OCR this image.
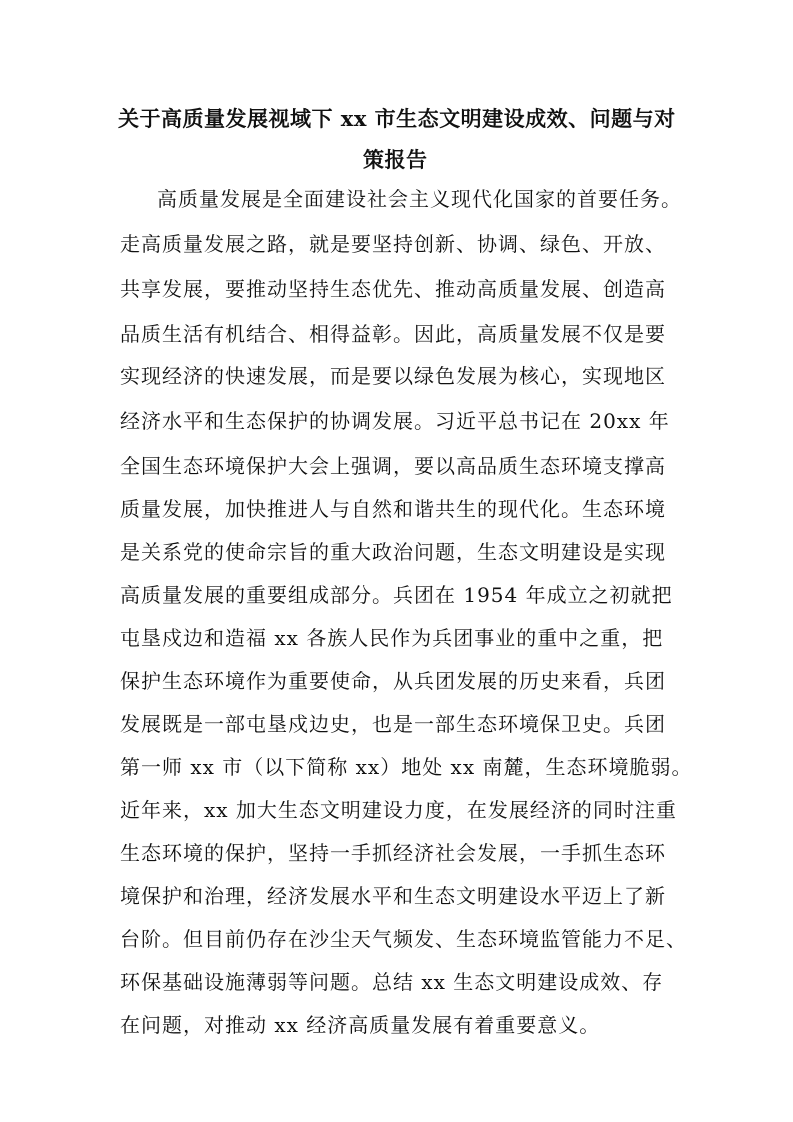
关于高质量发展视域下 xx 市生态文明建设成效、问题与对
策报告
高质量发展是全面建设社会主义现代化国家的首要任务。
走高质量发展之路，就是要坚持创新、协调、绿色、开放、
共享发展，要推动坚持生态优先、推动高质量发展、创造高
品质生活有机结合、相得益彰。因此，高质量发展不仅是要
实现经济的快速发展，而是要以绿色发展为核心，实现地区
经济水平和生态保护的协调发展。习近平总书记在 20xx 年
全国生态环境保护大会上强调，要以高品质生态环境支撑高
质量发展，加快推进人与自然和谐共生的现代化。生态环境
是关系党的使命宗旨的重大政治问题，生态文明建设是实现
高质量发展的重要组成部分。兵团在 1954 年成立之初就把
屯垦戍边和造福 xx 各族人民作为兵团事业的重中之重，把
保护生态环境作为重要使命，从兵团发展的历史来看，兵团
发展既是一部屯垦戍边史，也是一部生态环境保卫史。兵团
第一师 xx 市（以下简称 xx）地处 xx 南麓，生态环境脆弱。
近年来，xx 加大生态文明建设力度，在发展经济的同时注重
生态环境的保护，坚持一手抓经济社会发展，一手抓生态环
境保护和治理，经济发展水平和生态文明建设水平迈上了新
台阶。但目前仍存在沙尘天气频发、生态环境监管能力不足、
环保基础设施薄弱等问题。总结 xx 生态文明建设成效、存
在问题，对推动 xx 经济高质量发展有着重要意义。
